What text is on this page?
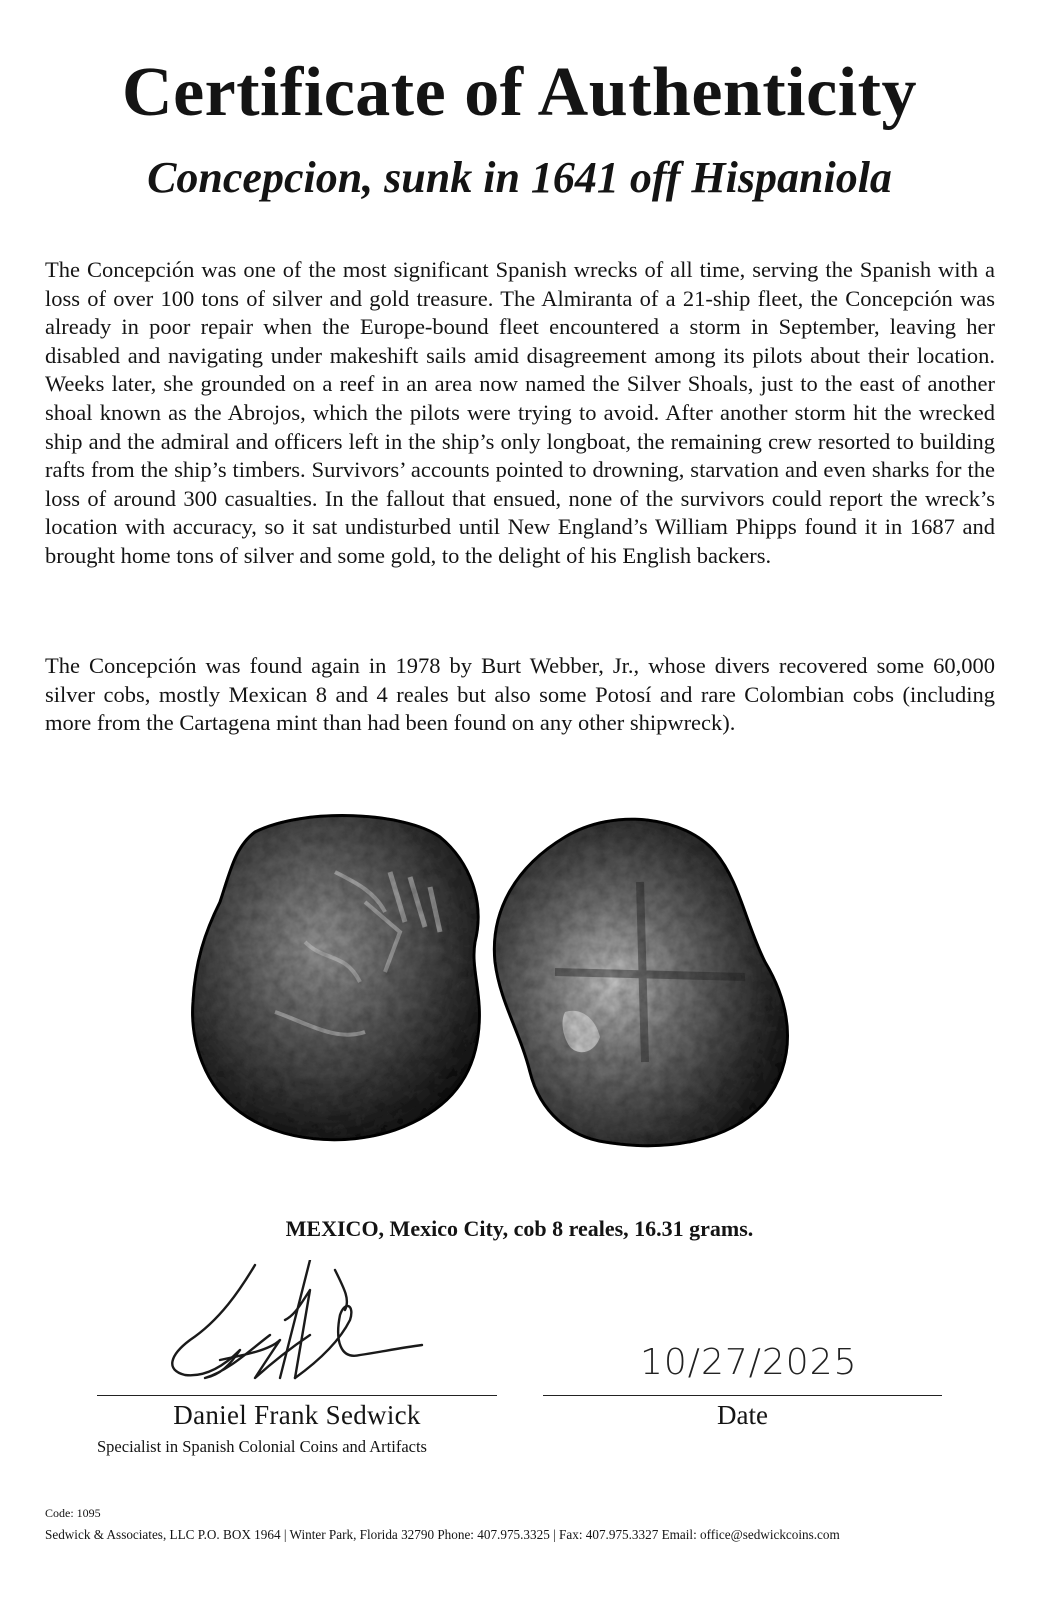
Certificate of Authenticity
Concepcion, sunk in 1641 off Hispaniola

The Concepción was one of the most significant Spanish wrecks of all time, serving the Spanish with a loss of over 100 tons of silver and gold treasure. The Almiranta of a 21-ship fleet, the Concepción was already in poor repair when the Europe-bound fleet encountered a storm in September, leaving her disabled and navigating under makeshift sails amid disagreement among its pilots about their location. Weeks later, she grounded on a reef in an area now named the Silver Shoals, just to the east of another shoal known as the Abrojos, which the pilots were trying to avoid. After another storm hit the wrecked ship and the admiral and officers left in the ship’s only longboat, the remaining crew resorted to building rafts from the ship’s timbers. Survivors’ accounts pointed to drowning, starvation and even sharks for the loss of around 300 casualties. In the fallout that ensued, none of the survivors could report the wreck’s location with accuracy, so it sat undisturbed until New England’s William Phipps found it in 1687 and brought home tons of silver and some gold, to the delight of his English backers.

The Concepción was found again in 1978 by Burt Webber, Jr., whose divers recovered some 60,000 silver cobs, mostly Mexican 8 and 4 reales but also some Potosí and rare Colombian cobs (including more from the Cartagena mint than had been found on any other shipwreck).

MEXICO, Mexico City, cob 8 reales, 16.31 grams.

10/27/2025

Daniel Frank Sedwick

Specialist in Spanish Colonial Coins and Artifacts

Date

Code: 1095

Sedwick & Associates, LLC P.O. BOX 1964 | Winter Park, Florida 32790 Phone: 407.975.3325 | Fax: 407.975.3327 Email: office@sedwickcoins.com
